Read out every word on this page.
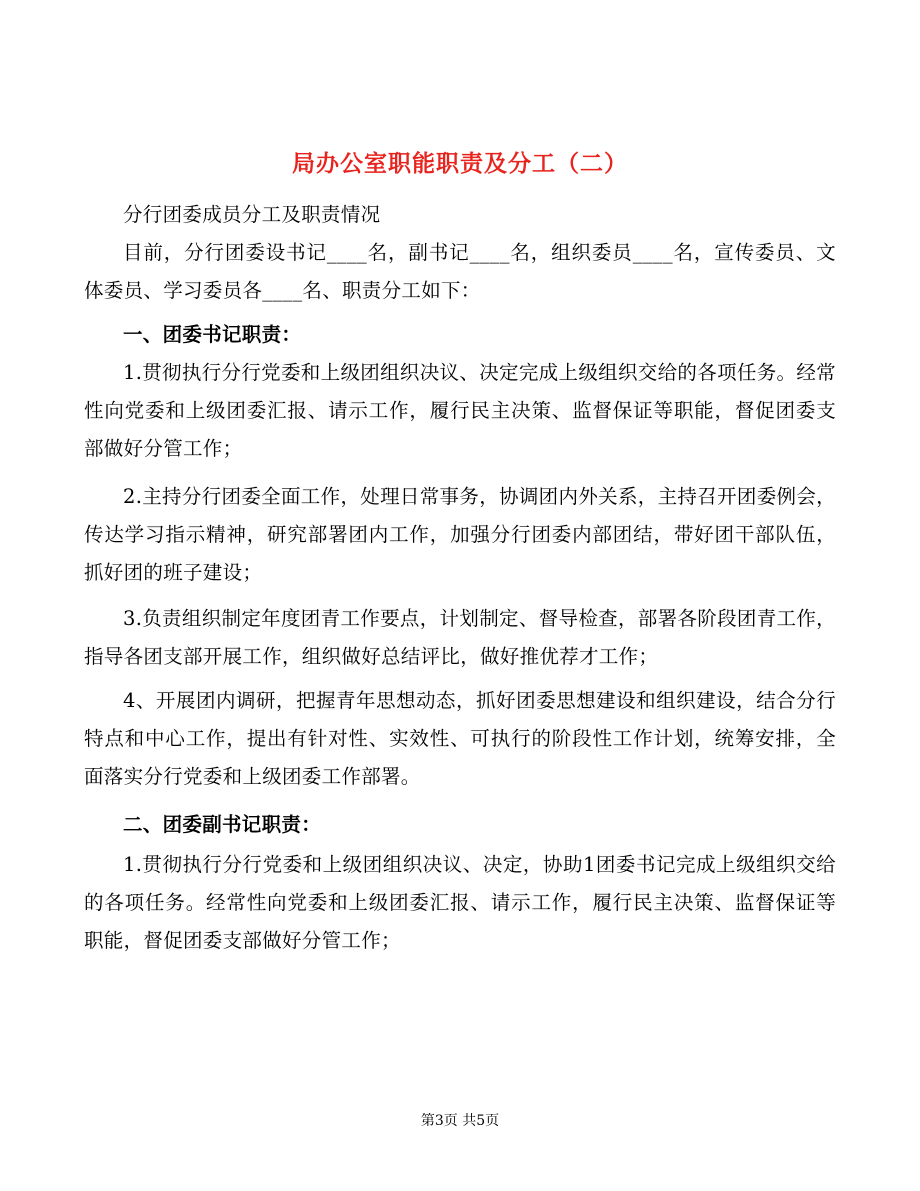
局办公室职能职责及分工（二）
分行团委成员分工及职责情况
目前，分行团委设书记____名，副书记____名，组织委员____名，宣传委员、文体委员、学习委员各____名、职责分工如下：
一、团委书记职责：
1.贯彻执行分行党委和上级团组织决议、决定完成上级组织交给的各项任务。经常性向党委和上级团委汇报、请示工作，履行民主决策、监督保证等职能，督促团委支部做好分管工作；
2.主持分行团委全面工作，处理日常事务，协调团内外关系，主持召开团委例会，传达学习指示精神，研究部署团内工作，加强分行团委内部团结，带好团干部队伍，抓好团的班子建设；
3.负责组织制定年度团青工作要点，计划制定、督导检查，部署各阶段团青工作，指导各团支部开展工作，组织做好总结评比，做好推优荐才工作；
4、开展团内调研，把握青年思想动态，抓好团委思想建设和组织建设，结合分行特点和中心工作，提出有针对性、实效性、可执行的阶段性工作计划，统筹安排，全面落实分行党委和上级团委工作部署。
二、团委副书记职责：
1.贯彻执行分行党委和上级团组织决议、决定，协助1团委书记完成上级组织交给的各项任务。经常性向党委和上级团委汇报、请示工作，履行民主决策、监督保证等职能，督促团委支部做好分管工作；
第3页 共5页
